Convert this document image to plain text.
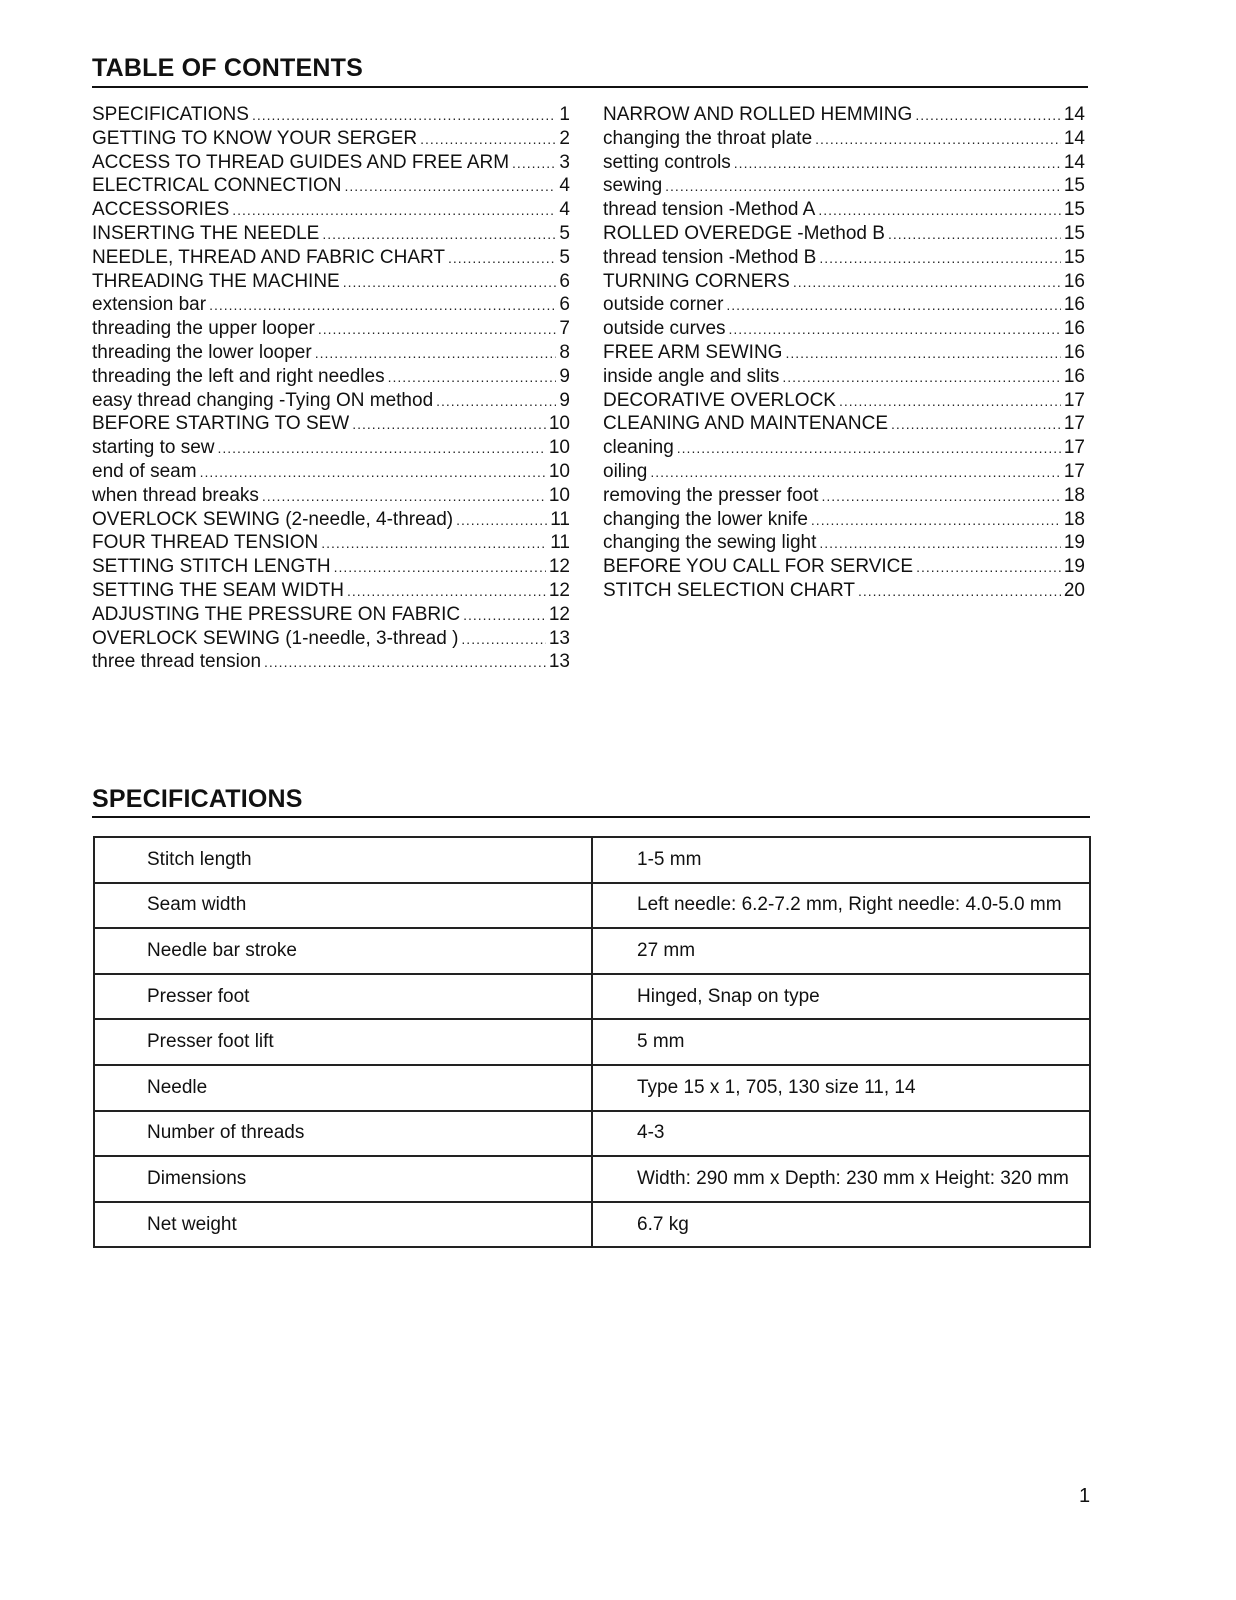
TABLE OF CONTENTS
SPECIFICATIONS .....	1
GETTING TO KNOW YOUR SERGER .....	2
ACCESS TO THREAD GUIDES AND FREE ARM .....	3
ELECTRICAL CONNECTION .....	4
ACCESSORIES .....	4
INSERTING THE NEEDLE .....	5
NEEDLE, THREAD AND FABRIC CHART .....	5
THREADING THE MACHINE .....	6
extension bar .....	6
threading the upper looper .....	7
threading the lower looper .....	8
threading the left and right needles .....	9
easy thread changing -Tying ON method .....	9
BEFORE STARTING TO SEW .....	10
starting to sew .....	10
end of seam .....	10
when thread breaks .....	10
OVERLOCK SEWING (2-needle, 4-thread) .....	11
FOUR THREAD TENSION .....	11
SETTING STITCH LENGTH .....	12
SETTING THE SEAM WIDTH .....	12
ADJUSTING THE PRESSURE ON FABRIC .....	12
OVERLOCK SEWING (1-needle, 3-thread ) .....	13
three thread tension .....	13
NARROW AND ROLLED HEMMING .....	14
changing the throat plate .....	14
setting controls .....	14
sewing .....	15
thread tension -Method A .....	15
ROLLED OVEREDGE -Method B .....	15
thread tension -Method B .....	15
TURNING CORNERS .....	16
outside corner .....	16
outside curves .....	16
FREE ARM SEWING .....	16
inside angle and slits .....	16
DECORATIVE OVERLOCK .....	17
CLEANING AND MAINTENANCE .....	17
cleaning .....	17
oiling .....	17
removing the presser foot .....	18
changing the lower knife .....	18
changing the sewing light .....	19
BEFORE YOU CALL FOR SERVICE .....	19
STITCH SELECTION CHART .....	20
SPECIFICATIONS
Stitch length	1-5 mm
Seam width	Left needle: 6.2-7.2 mm, Right needle: 4.0-5.0 mm
Needle bar stroke	27 mm
Presser foot	Hinged, Snap on type
Presser foot lift	5 mm
Needle	Type 15 x 1, 705, 130 size 11, 14
Number of threads	4-3
Dimensions	Width: 290 mm x Depth: 230 mm x Height: 320 mm
Net weight	6.7 kg
1
